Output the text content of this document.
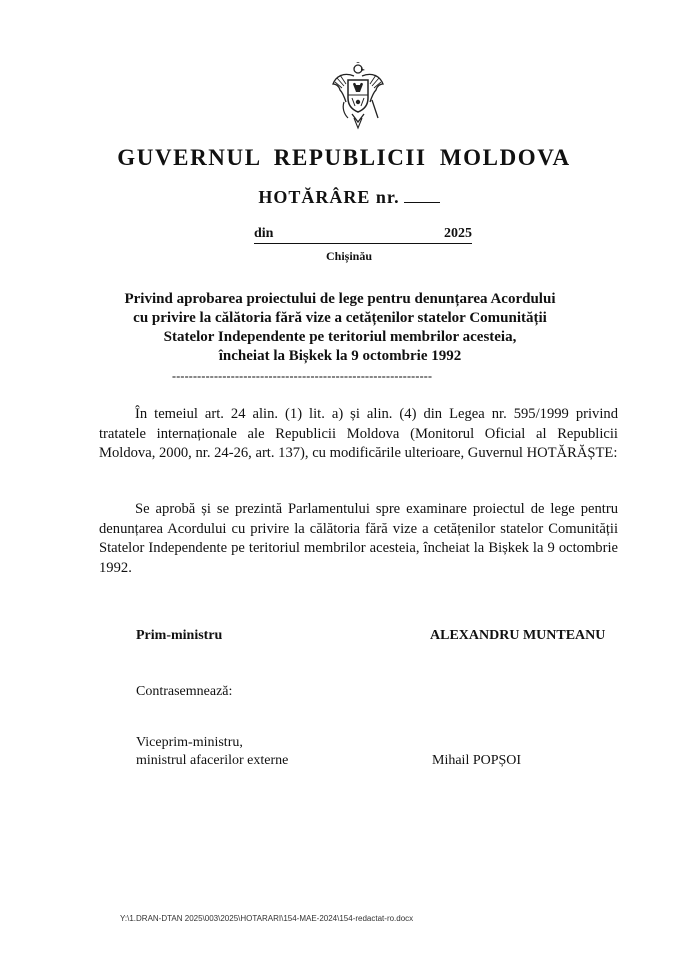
GUVERNUL REPUBLICII MOLDOVA
HOTĂRÂRE nr.
din	2025
Chișinău
Privind aprobarea proiectului de lege pentru denunțarea Acordului
cu privire la călătoria fără vize a cetățenilor statelor Comunității
Statelor Independente pe teritoriul membrilor acesteia,
încheiat la Bișkek la 9 octombrie 1992
--------------------------------------------------------------
În temeiul art. 24 alin. (1) lit. a) și alin. (4) din Legea nr. 595/1999 privind tratatele internaționale ale Republicii Moldova (Monitorul Oficial al Republicii Moldova, 2000, nr. 24-26, art. 137), cu modificările ulterioare, Guvernul HOTĂRĂȘTE:
Se aprobă și se prezintă Parlamentului spre examinare proiectul de lege pentru denunțarea Acordului cu privire la călătoria fără vize a cetățenilor statelor Comunității Statelor Independente pe teritoriul membrilor acesteia, încheiat la Bișkek la 9 octombrie 1992.
Prim-ministru	ALEXANDRU MUNTEANU
Contrasemnează:
Viceprim-ministru,
ministrul afacerilor externe	Mihail POPȘOI
Y:\1.DRAN-DTAN 2025\003\2025\HOTARARI\154-MAE-2024\154-redactat-ro.docx
